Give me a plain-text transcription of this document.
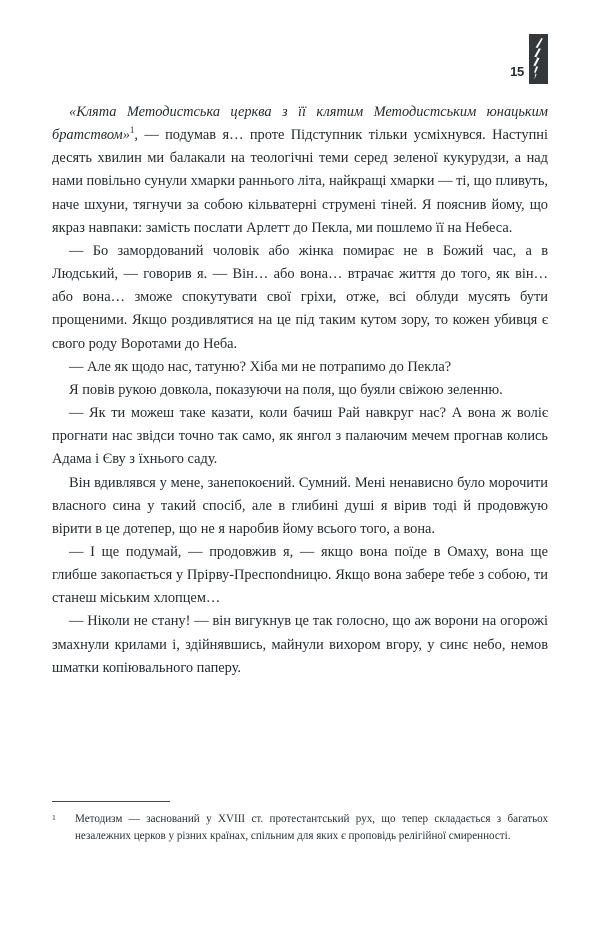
15

«Клята Методистська церква з її клятим Методистським юнацьким братством»$^1$, — подумав я… проте Підступник тільки усміхнувся. Наступні десять хвилин ми балакали на теологічні теми серед зеленої кукурудзи, а над нами повільно сунули хмарки раннього літа, найкращі хмарки — ті, що пливуть, наче шхуни, тягнучи за собою кільватерні струмені тіней. Я пояснив йому, що якраз навпаки: замість послати Арлетт до Пекла, ми пошлемо її на Небеса.

— Бо замордований чоловік або жінка помирає не в Божий час, а в Людський, — говорив я. — Він… або вона… втрачає життя до того, як він… або вона… зможе спокутувати свої гріхи, отже, всі облуди мусять бути прощеними. Якщо роздивлятися на це під таким кутом зору, то кожен убивця є свого роду Воротами до Неба.

— Але як щодо нас, татуню? Хіба ми не потрапимо до Пекла?

Я повів рукою довкола, показуючи на поля, що буяли свіжою зеленню.

— Як ти можеш таке казати, коли бачиш Рай навкруг нас? А вона ж воліє прогнати нас звідси точно так само, як янгол з палаючим мечем прогнав колись Адама і Єву з їхнього саду.

Він вдивлявся у мене, занепокоєний. Сумний. Мені ненависно було морочити власного сина у такий спосіб, але в глибині душі я вірив тоді й продовжую вірити в це дотепер, що не я наробив йому всього того, а вона.

— І ще подумай, — продовжив я, — якщо вона поїде в Омаху, вона ще глибше закопається у Прірву-Преспondницю. Якщо вона забере тебе з собою, ти станеш міським хлопцем…

— Ніколи не стану! — він вигукнув це так голосно, що аж ворони на огорожі змахнули крилами і, здійнявшись, майнули вихором вгору, у синє небо, немов шматки копіювального паперу.

1 Методизм — заснований у XVIII ст. протестантський рух, що тепер складається з багатьох незалежних церков у різних країнах, спільним для яких є проповідь релігійної смиренності.
